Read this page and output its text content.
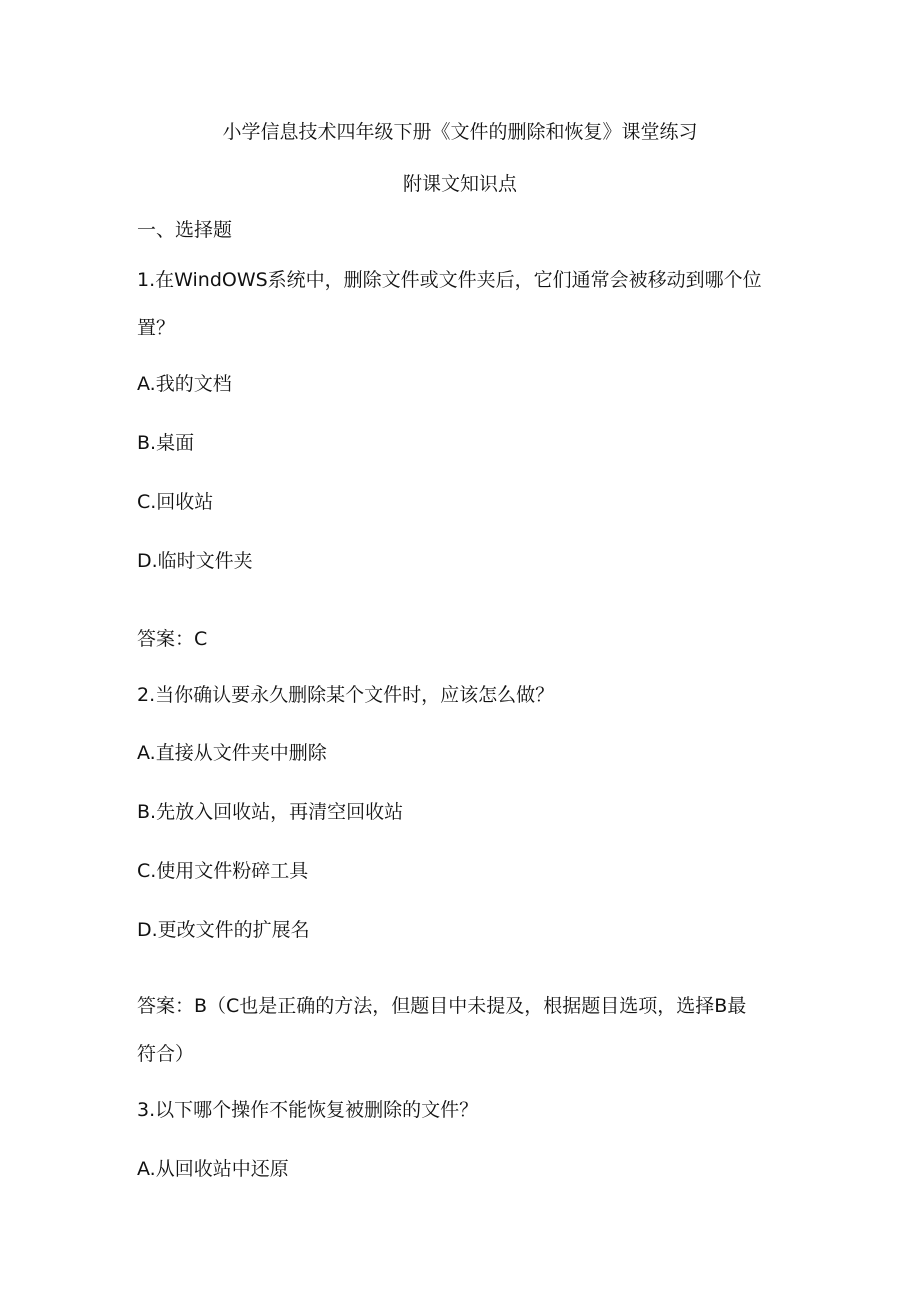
小学信息技术四年级下册《文件的删除和恢复》课堂练习
附课文知识点
一、选择题
1.在WindOWS系统中，删除文件或文件夹后，它们通常会被移动到哪个位
置？
A.我的文档
B.桌面
C.回收站
D.临时文件夹
答案：C
2.当你确认要永久删除某个文件时，应该怎么做？
A.直接从文件夹中删除
B.先放入回收站，再清空回收站
C.使用文件粉碎工具
D.更改文件的扩展名
答案：B（C也是正确的方法，但题目中未提及，根据题目选项，选择B最
符合）
3.以下哪个操作不能恢复被删除的文件？
A.从回收站中还原
